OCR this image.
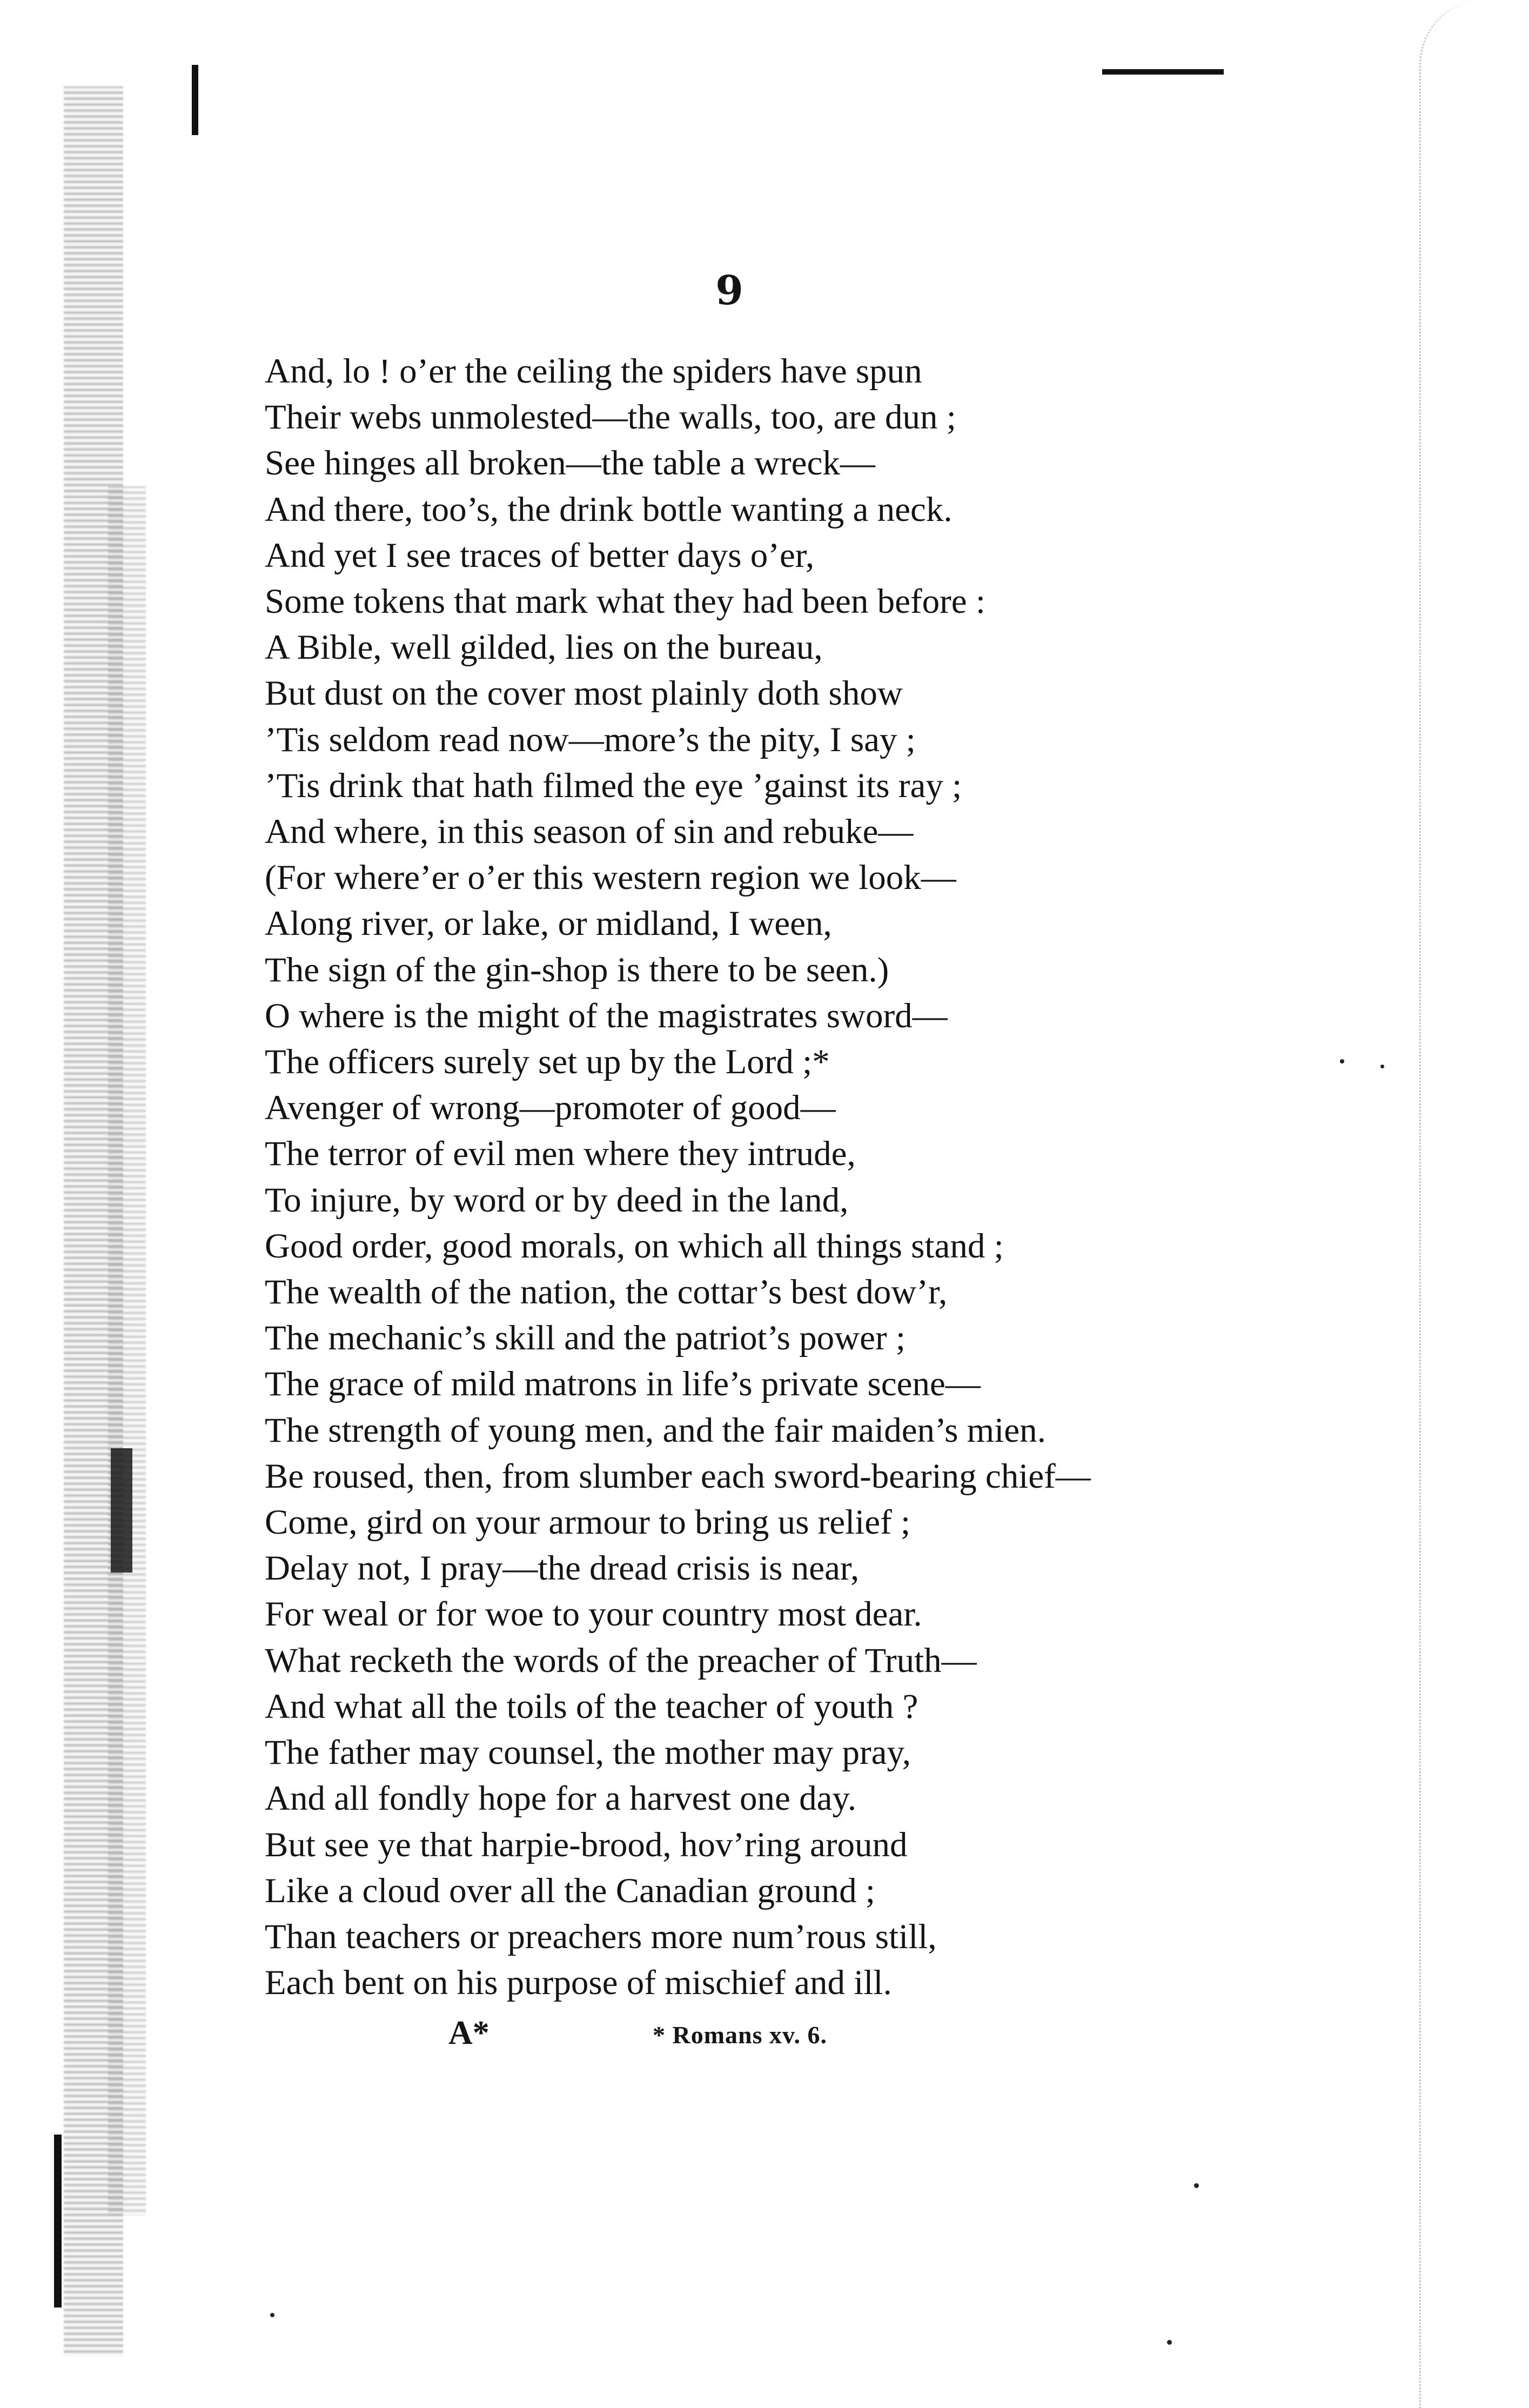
9
And, lo ! o’er the ceiling the spiders have spun
Their webs unmolested—the walls, too, are dun ;
See hinges all broken—the table a wreck—
And there, too’s, the drink bottle wanting a neck.
And yet I see traces of better days o’er,
Some tokens that mark what they had been before :
A Bible, well gilded, lies on the bureau,
But dust on the cover most plainly doth show
’Tis seldom read now—more’s the pity, I say ;
’Tis drink that hath filmed the eye ’gainst its ray ;
And where, in this season of sin and rebuke—
(For where’er o’er this western region we look—
Along river, or lake, or midland, I ween,
The sign of the gin-shop is there to be seen.)
O where is the might of the magistrates sword—
The officers surely set up by the Lord ;*
Avenger of wrong—promoter of good—
The terror of evil men where they intrude,
To injure, by word or by deed in the land,
Good order, good morals, on which all things stand ;
The wealth of the nation, the cottar’s best dow’r,
The mechanic’s skill and the patriot’s power ;
The grace of mild matrons in life’s private scene—
The strength of young men, and the fair maiden’s mien.
Be roused, then, from slumber each sword-bearing chief—
Come, gird on your armour to bring us relief ;
Delay not, I pray—the dread crisis is near,
For weal or for woe to your country most dear.
What recketh the words of the preacher of Truth—
And what all the toils of the teacher of youth ?
The father may counsel, the mother may pray,
And all fondly hope for a harvest one day.
But see ye that harpie-brood, hov’ring around
Like a cloud over all the Canadian ground ;
Than teachers or preachers more num’rous still,
Each bent on his purpose of mischief and ill.
A*	* Romans xv. 6.
